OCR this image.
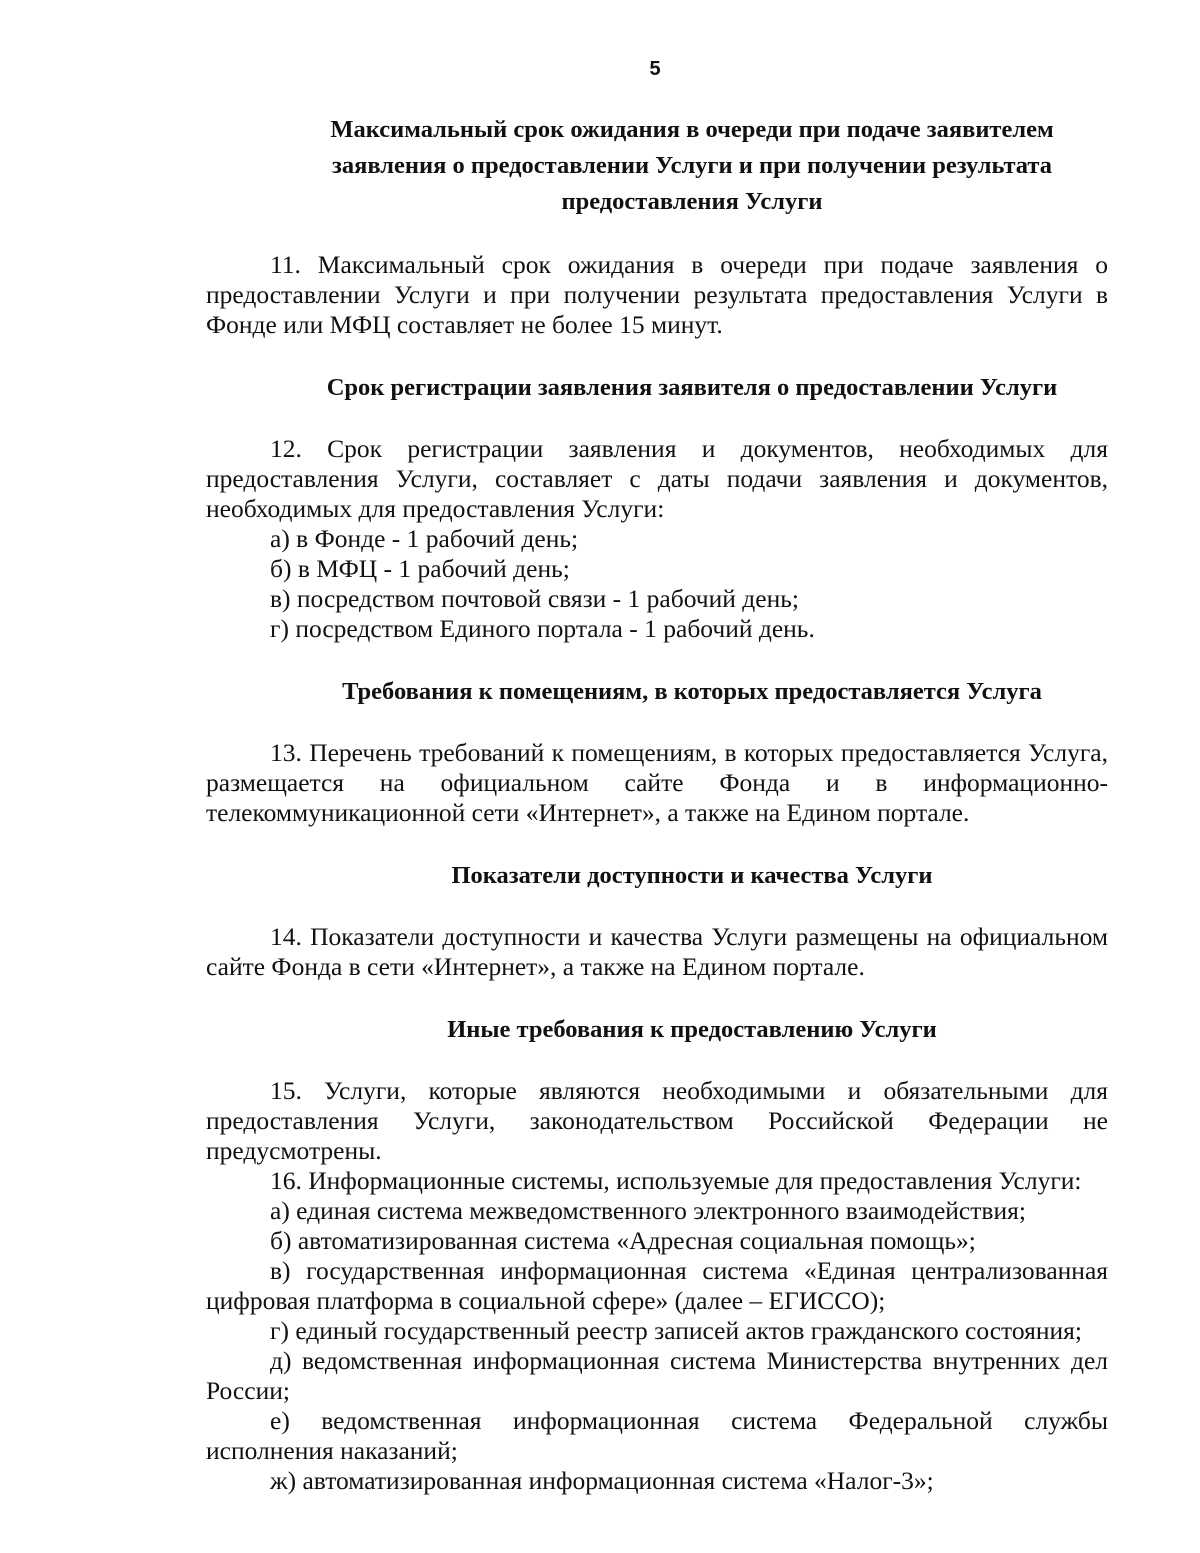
5

Максимальный срок ожидания в очереди при подаче заявителем заявления о предоставлении Услуги и при получении результата предоставления Услуги

11. Максимальный срок ожидания в очереди при подаче заявления о предоставлении Услуги и при получении результата предоставления Услуги в Фонде или МФЦ составляет не более 15 минут.

Срок регистрации заявления заявителя о предоставлении Услуги

12. Срок регистрации заявления и документов, необходимых для предоставления Услуги, составляет с даты подачи заявления и документов, необходимых для предоставления Услуги:

а) в Фонде - 1 рабочий день;

б) в МФЦ - 1 рабочий день;

в) посредством почтовой связи - 1 рабочий день;

г) посредством Единого портала - 1 рабочий день.

Требования к помещениям, в которых предоставляется Услуга

13. Перечень требований к помещениям, в которых предоставляется Услуга, размещается на официальном сайте Фонда и в информационно-телекоммуникационной сети «Интернет», а также на Едином портале.

Показатели доступности и качества Услуги

14. Показатели доступности и качества Услуги размещены на официальном сайте Фонда в сети «Интернет», а также на Едином портале.

Иные требования к предоставлению Услуги

15. Услуги, которые являются необходимыми и обязательными для предоставления Услуги, законодательством Российской Федерации не предусмотрены.

16. Информационные системы, используемые для предоставления Услуги:

а) единая система межведомственного электронного взаимодействия;

б) автоматизированная система «Адресная социальная помощь»;

в) государственная информационная система «Единая централизованная цифровая платформа в социальной сфере» (далее – ЕГИССО);

г) единый государственный реестр записей актов гражданского состояния;

д) ведомственная информационная система Министерства внутренних дел России;

е) ведомственная информационная система Федеральной службы исполнения наказаний;

ж) автоматизированная информационная система «Налог-3»;
